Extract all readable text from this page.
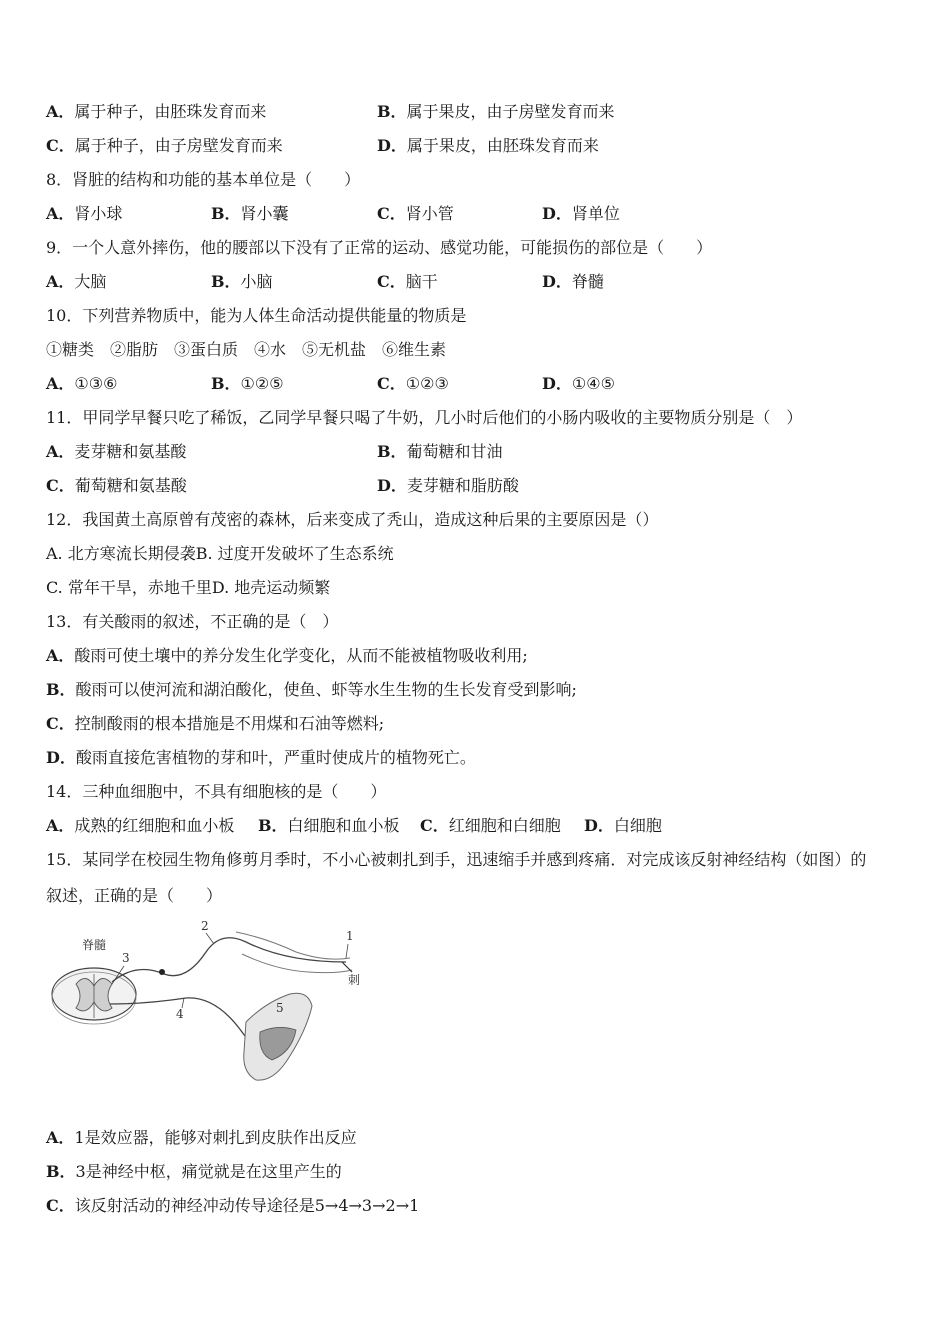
A．属于种子，由胚珠发育而来	B．属于果皮，由子房壁发育而来
C．属于种子，由子房壁发育而来	D．属于果皮，由胚珠发育而来
8．肾脏的结构和功能的基本单位是（　　）
A．肾小球	B．肾小囊	C．肾小管	D．肾单位
9．一个人意外摔伤，他的腰部以下没有了正常的运动、感觉功能，可能损伤的部位是（　　）
A．大脑	B．小脑	C．脑干	D．脊髓
10．下列营养物质中，能为人体生命活动提供能量的物质是
①糖类　②脂肪　③蛋白质　④水　⑤无机盐　⑥维生素
A．①③⑥	B．①②⑤	C．①②③	D．①④⑤
11．甲同学早餐只吃了稀饭，乙同学早餐只喝了牛奶，几小时后他们的小肠内吸收的主要物质分别是（　）
A．麦芽糖和氨基酸	B．葡萄糖和甘油
C．葡萄糖和氨基酸	D．麦芽糖和脂肪酸
12．我国黄土高原曾有茂密的森林，后来变成了秃山，造成这种后果的主要原因是（）
A. 北方寒流长期侵袭B. 过度开发破坏了生态系统
C. 常年干旱，赤地千里D. 地壳运动频繁
13．有关酸雨的叙述，不正确的是（　）
A．酸雨可使土壤中的养分发生化学变化，从而不能被植物吸收利用;
B．酸雨可以使河流和湖泊酸化，使鱼、虾等水生生物的生长发育受到影响;
C．控制酸雨的根本措施是不用煤和石油等燃料;
D．酸雨直接危害植物的芽和叶，严重时使成片的植物死亡。
14．三种血细胞中，不具有细胞核的是（　　）
A．成熟的红细胞和血小板 B．白细胞和血小板 C．红细胞和白细胞 D．白细胞
15．某同学在校园生物角修剪月季时，不小心被刺扎到手，迅速缩手并感到疼痛．对完成该反射神经结构（如图）的
叙述，正确的是（　　）
脊髓
3
2
4	5
1
刺
A．1是效应器，能够对刺扎到皮肤作出反应
B．3是神经中枢，痛觉就是在这里产生的
C．该反射活动的神经冲动传导途径是5→4→3→2→1
